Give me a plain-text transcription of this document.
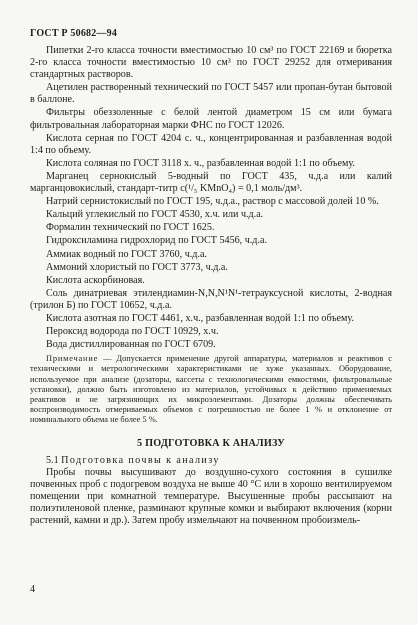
ГОСТ Р 50682—94

Пипетки 2-го класса точности вместимостью 10 см³ по ГОСТ 22169 и бюретка 2-го класса точности вместимостью 10 см³ по ГОСТ 29252 для отмеривания стандартных растворов.

Ацетилен растворенный технический по ГОСТ 5457 или пропан-бутан бытовой в баллоне.

Фильтры обеззоленные с белой лентой диаметром 15 см или бумага фильтровальная лабораторная марки ФНС по ГОСТ 12026.

Кислота серная по ГОСТ 4204 с. ч., концентрированная и разбавленная водой 1:4 по объему.

Кислота соляная по ГОСТ 3118 х. ч., разбавленная водой 1:1 по объему.

Марганец сернокислый 5-водный по ГОСТ 435, ч.д.а или калий марганцовокислый, стандарт-титр с(¹/₅ KMnO₄) = 0,1 моль/дм³.

Натрий сернистокислый по ГОСТ 195, ч.д.а., раствор с массовой долей 10 %.

Кальций углекислый по ГОСТ 4530, х.ч. или ч.д.а.

Формалин технический по ГОСТ 1625.

Гидроксиламина гидрохлорид по ГОСТ 5456, ч.д.а.

Аммиак водный по ГОСТ 3760, ч.д.а.

Аммоний хлористый по ГОСТ 3773, ч.д.а.

Кислота аскорбиновая.

Соль динатриевая этилендиамин-N,N,N¹N¹-тетрауксусной кислоты, 2-водная (трилон Б) по ГОСТ 10652, ч.д.а.

Кислота азотная по ГОСТ 4461, х.ч., разбавленная водой 1:1 по объему.

Пероксид водорода по ГОСТ 10929, х.ч.

Вода дистиллированная по ГОСТ 6709.

Примечание — Допускается применение другой аппаратуры, материалов и реактивов с техническими и метрологическими характеристиками не хуже указанных. Оборудование, используемое при анализе (дозаторы, кассеты с технологическими емкостями, фильтровальные установки), должно быть изготовлено из материалов, устойчивых к действию применяемых реактивов и не загрязняющих их микроэлементами. Дозаторы должны обеспечивать воспроизводимость отмериваемых объемов с погрешностью не более 1 % и отклонение от номинального объема не более 5 %.

5 ПОДГОТОВКА К АНАЛИЗУ

5.1 Подготовка почвы к анализу

Пробы почвы высушивают до воздушно-сухого состояния в сушилке почвенных проб с подогревом воздуха не выше 40 °С или в хорошо вентилируемом помещении при комнатной температуре. Высушенные пробы рассыпают на полиэтиленовой пленке, разминают крупные комки и выбирают включения (корни растений, камни и др.). Затем пробу измельчают на почвенном пробоизмель-

4
